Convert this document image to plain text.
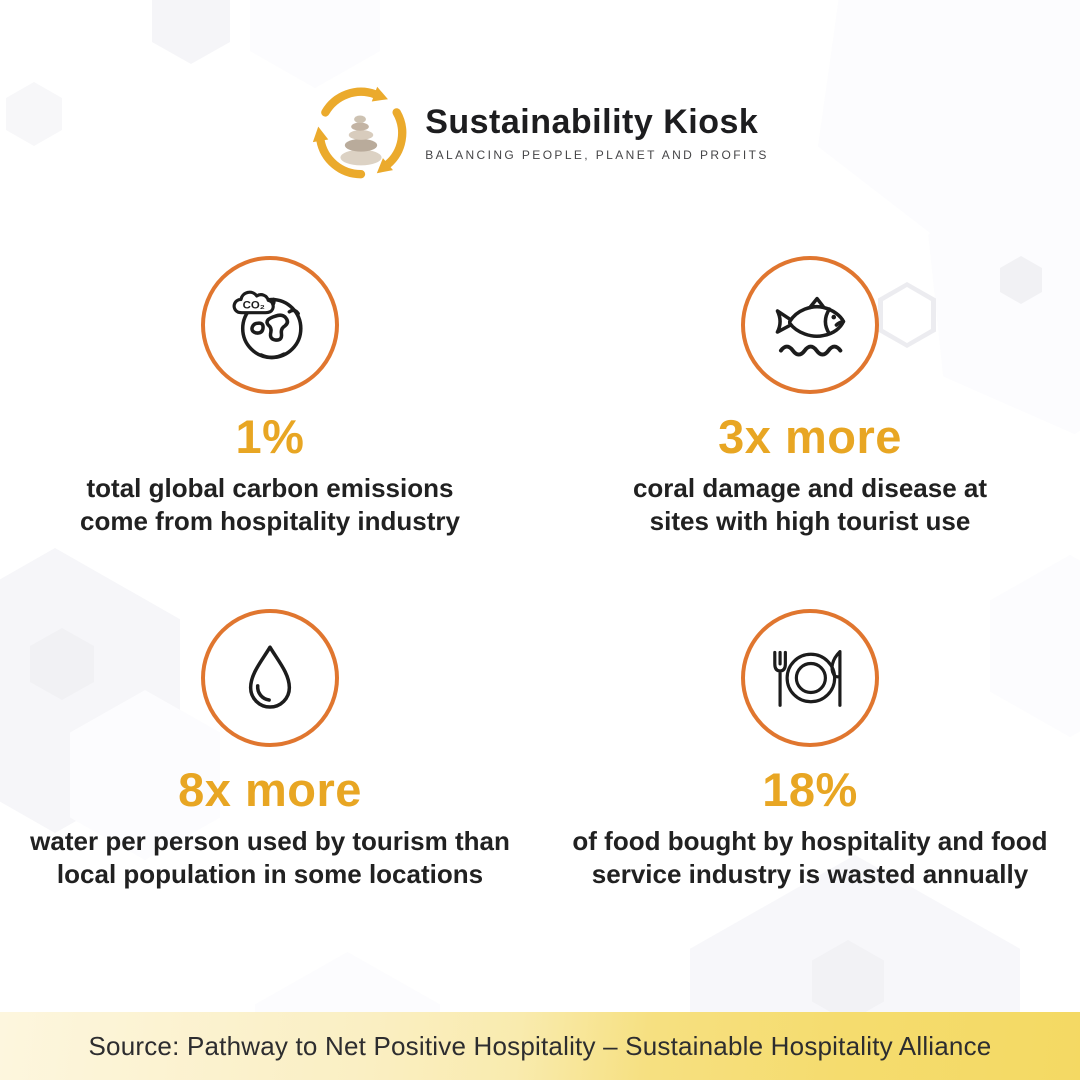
Sustainability Kiosk
BALANCING PEOPLE, PLANET AND PROFITS
CO₂
1%
total global carbon emissions
come from hospitality industry
3x more
coral damage and disease at
sites with high tourist use
8x more
water per person used by tourism than
local population in some locations
18%
of food bought by hospitality and food
service industry is wasted annually
Source: Pathway to Net Positive Hospitality – Sustainable Hospitality Alliance
